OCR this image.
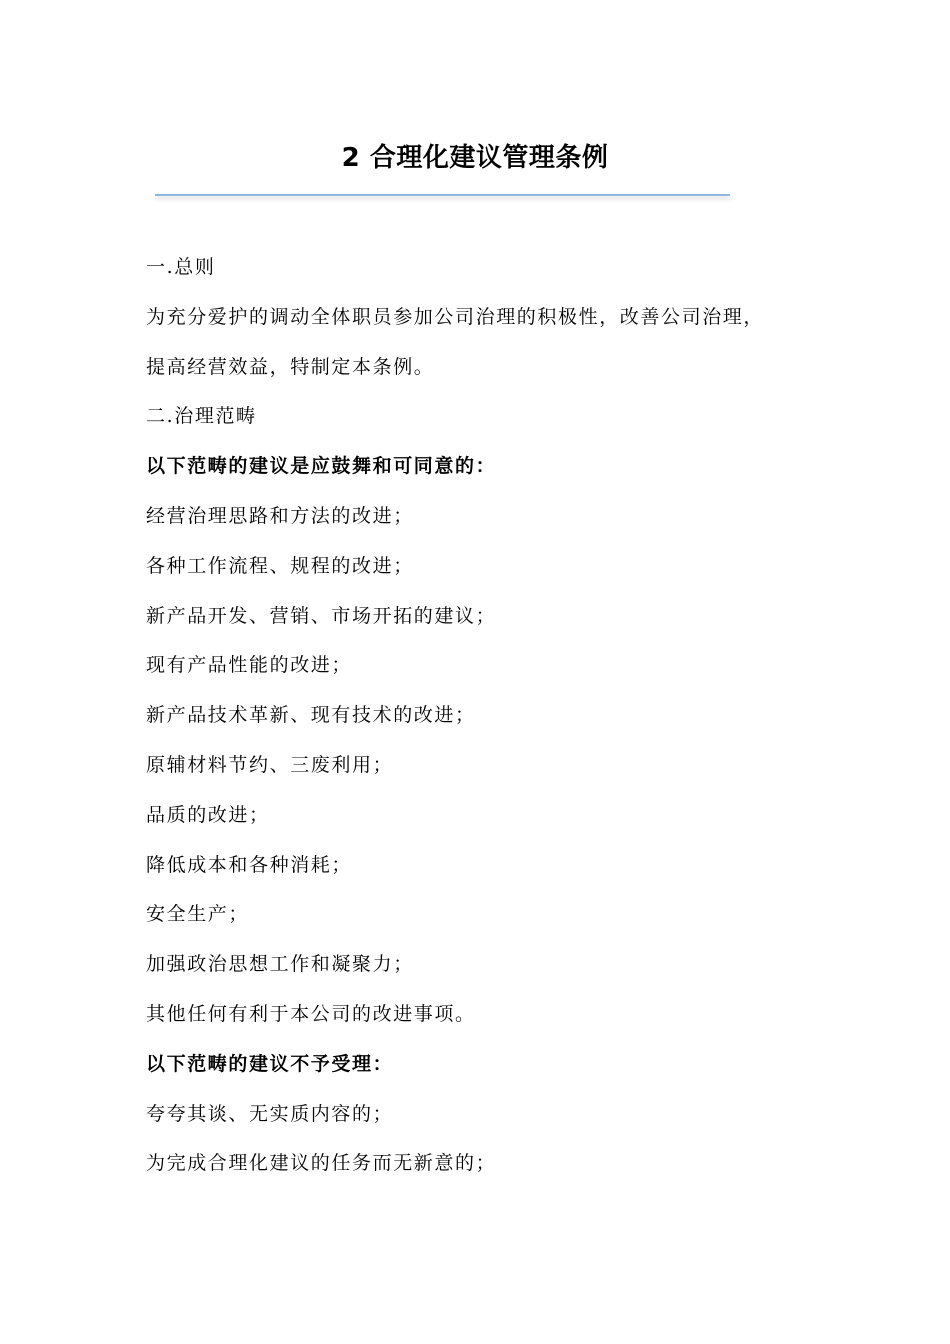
2 合理化建议管理条例
一.总则
为充分爱护的调动全体职员参加公司治理的积极性，改善公司治理，
提高经营效益，特制定本条例。
二.治理范畴
以下范畴的建议是应鼓舞和可同意的：
经营治理思路和方法的改进；
各种工作流程、规程的改进；
新产品开发、营销、市场开拓的建议；
现有产品性能的改进；
新产品技术革新、现有技术的改进；
原辅材料节约、三废利用；
品质的改进；
降低成本和各种消耗；
安全生产；
加强政治思想工作和凝聚力；
其他任何有利于本公司的改进事项。
以下范畴的建议不予受理：
夸夸其谈、无实质内容的；
为完成合理化建议的任务而无新意的；
